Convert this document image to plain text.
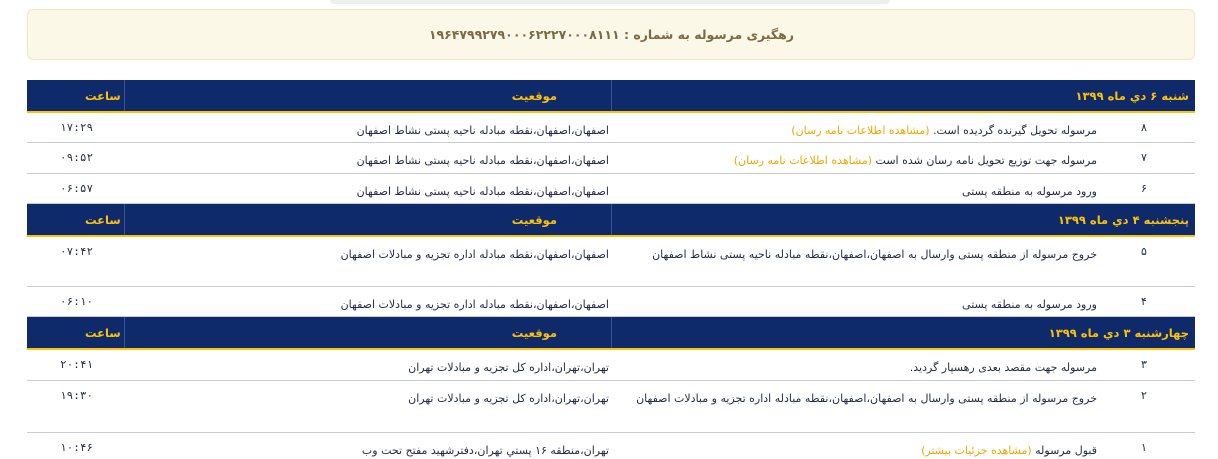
رهگیری مرسوله به شماره : ۱۹۶۴۷۹۹۲۷۹۰۰۰۶۲۲۲۷۰۰۰۸۱۱۱
شنبه ۶ دي ماه ۱۳۹۹
موقعیت
ساعت
۸
مرسوله تحویل گیرنده گردیده است. (مشاهده اطلاعات نامه رسان)
اصفهان،اصفهان،نقطه مبادله ناحیه پستی نشاط اصفهان
۱۷:۲۹
۷
مرسوله جهت توزیع تحویل نامه رسان شده است (مشاهده اطلاعات نامه رسان)
اصفهان،اصفهان،نقطه مبادله ناحیه پستی نشاط اصفهان
۰۹:۵۲
۶
ورود مرسوله به منطقه پستی
اصفهان،اصفهان،نقطه مبادله ناحیه پستی نشاط اصفهان
۰۶:۵۷
پنجشنبه ۴ دي ماه ۱۳۹۹
موقعیت
ساعت
۵
خروج مرسوله از منطقه پستی وارسال به اصفهان،اصفهان،نقطه مبادله ناحیه پستی نشاط اصفهان
اصفهان،اصفهان،نقطه مبادله اداره تجزیه و مبادلات اصفهان
۰۷:۴۲
۴
ورود مرسوله به منطقه پستی
اصفهان،اصفهان،نقطه مبادله اداره تجزیه و مبادلات اصفهان
۰۶:۱۰
چهارشنبه ۳ دي ماه ۱۳۹۹
موقعیت
ساعت
۳
مرسوله جهت مقصد بعدی رهسپار گردید.
تهران،تهران،اداره کل تجزیه و مبادلات تهران
۲۰:۴۱
۲
خروج مرسوله از منطقه پستی وارسال به اصفهان،اصفهان،نقطه مبادله اداره تجزیه و مبادلات اصفهان
تهران،تهران،اداره کل تجزیه و مبادلات تهران
۱۹:۳۰
۱
قبول مرسوله (مشاهده جزئیات بیشتر)
تهران،منطقه ۱۶ پستي تهران،دفترشهید مفتح تحت وب
۱۰:۴۶
